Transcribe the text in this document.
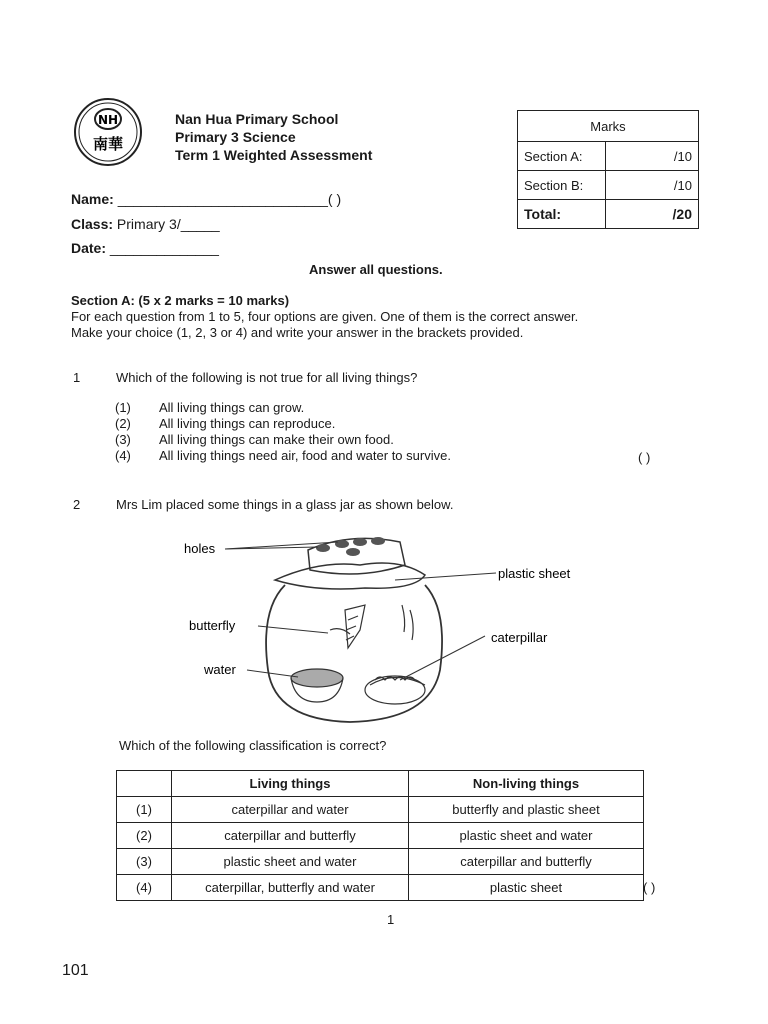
NH
南華
Nan Hua Primary School
Primary 3 Science
Term 1 Weighted Assessment
Marks	
Section A:	/10
Section B:	/10
Total:	/20
Name: ___________________________( )
Class: Primary 3/_____
Date: ______________
Answer all questions.
Section A: (5 x 2 marks = 10 marks)
For each question from 1 to 5, four options are given. One of them is the correct answer.
Make your choice (1, 2, 3 or 4) and write your answer in the brackets provided.
1	Which of the following is not true for all living things?
(1)	All living things can grow.
(2)	All living things can reproduce.
(3)	All living things can make their own food.
(4)	All living things need air, food and water to survive.	( )
2	Mrs Lim placed some things in a glass jar as shown below.
holes
plastic sheet
butterfly
caterpillar
water
Which of the following classification is correct?
	Living things	Non-living things
(1)	caterpillar and water	butterfly and plastic sheet
(2)	caterpillar and butterfly	plastic sheet and water
(3)	plastic sheet and water	caterpillar and butterfly
(4)	caterpillar, butterfly and water	plastic sheet	( )
1
101
